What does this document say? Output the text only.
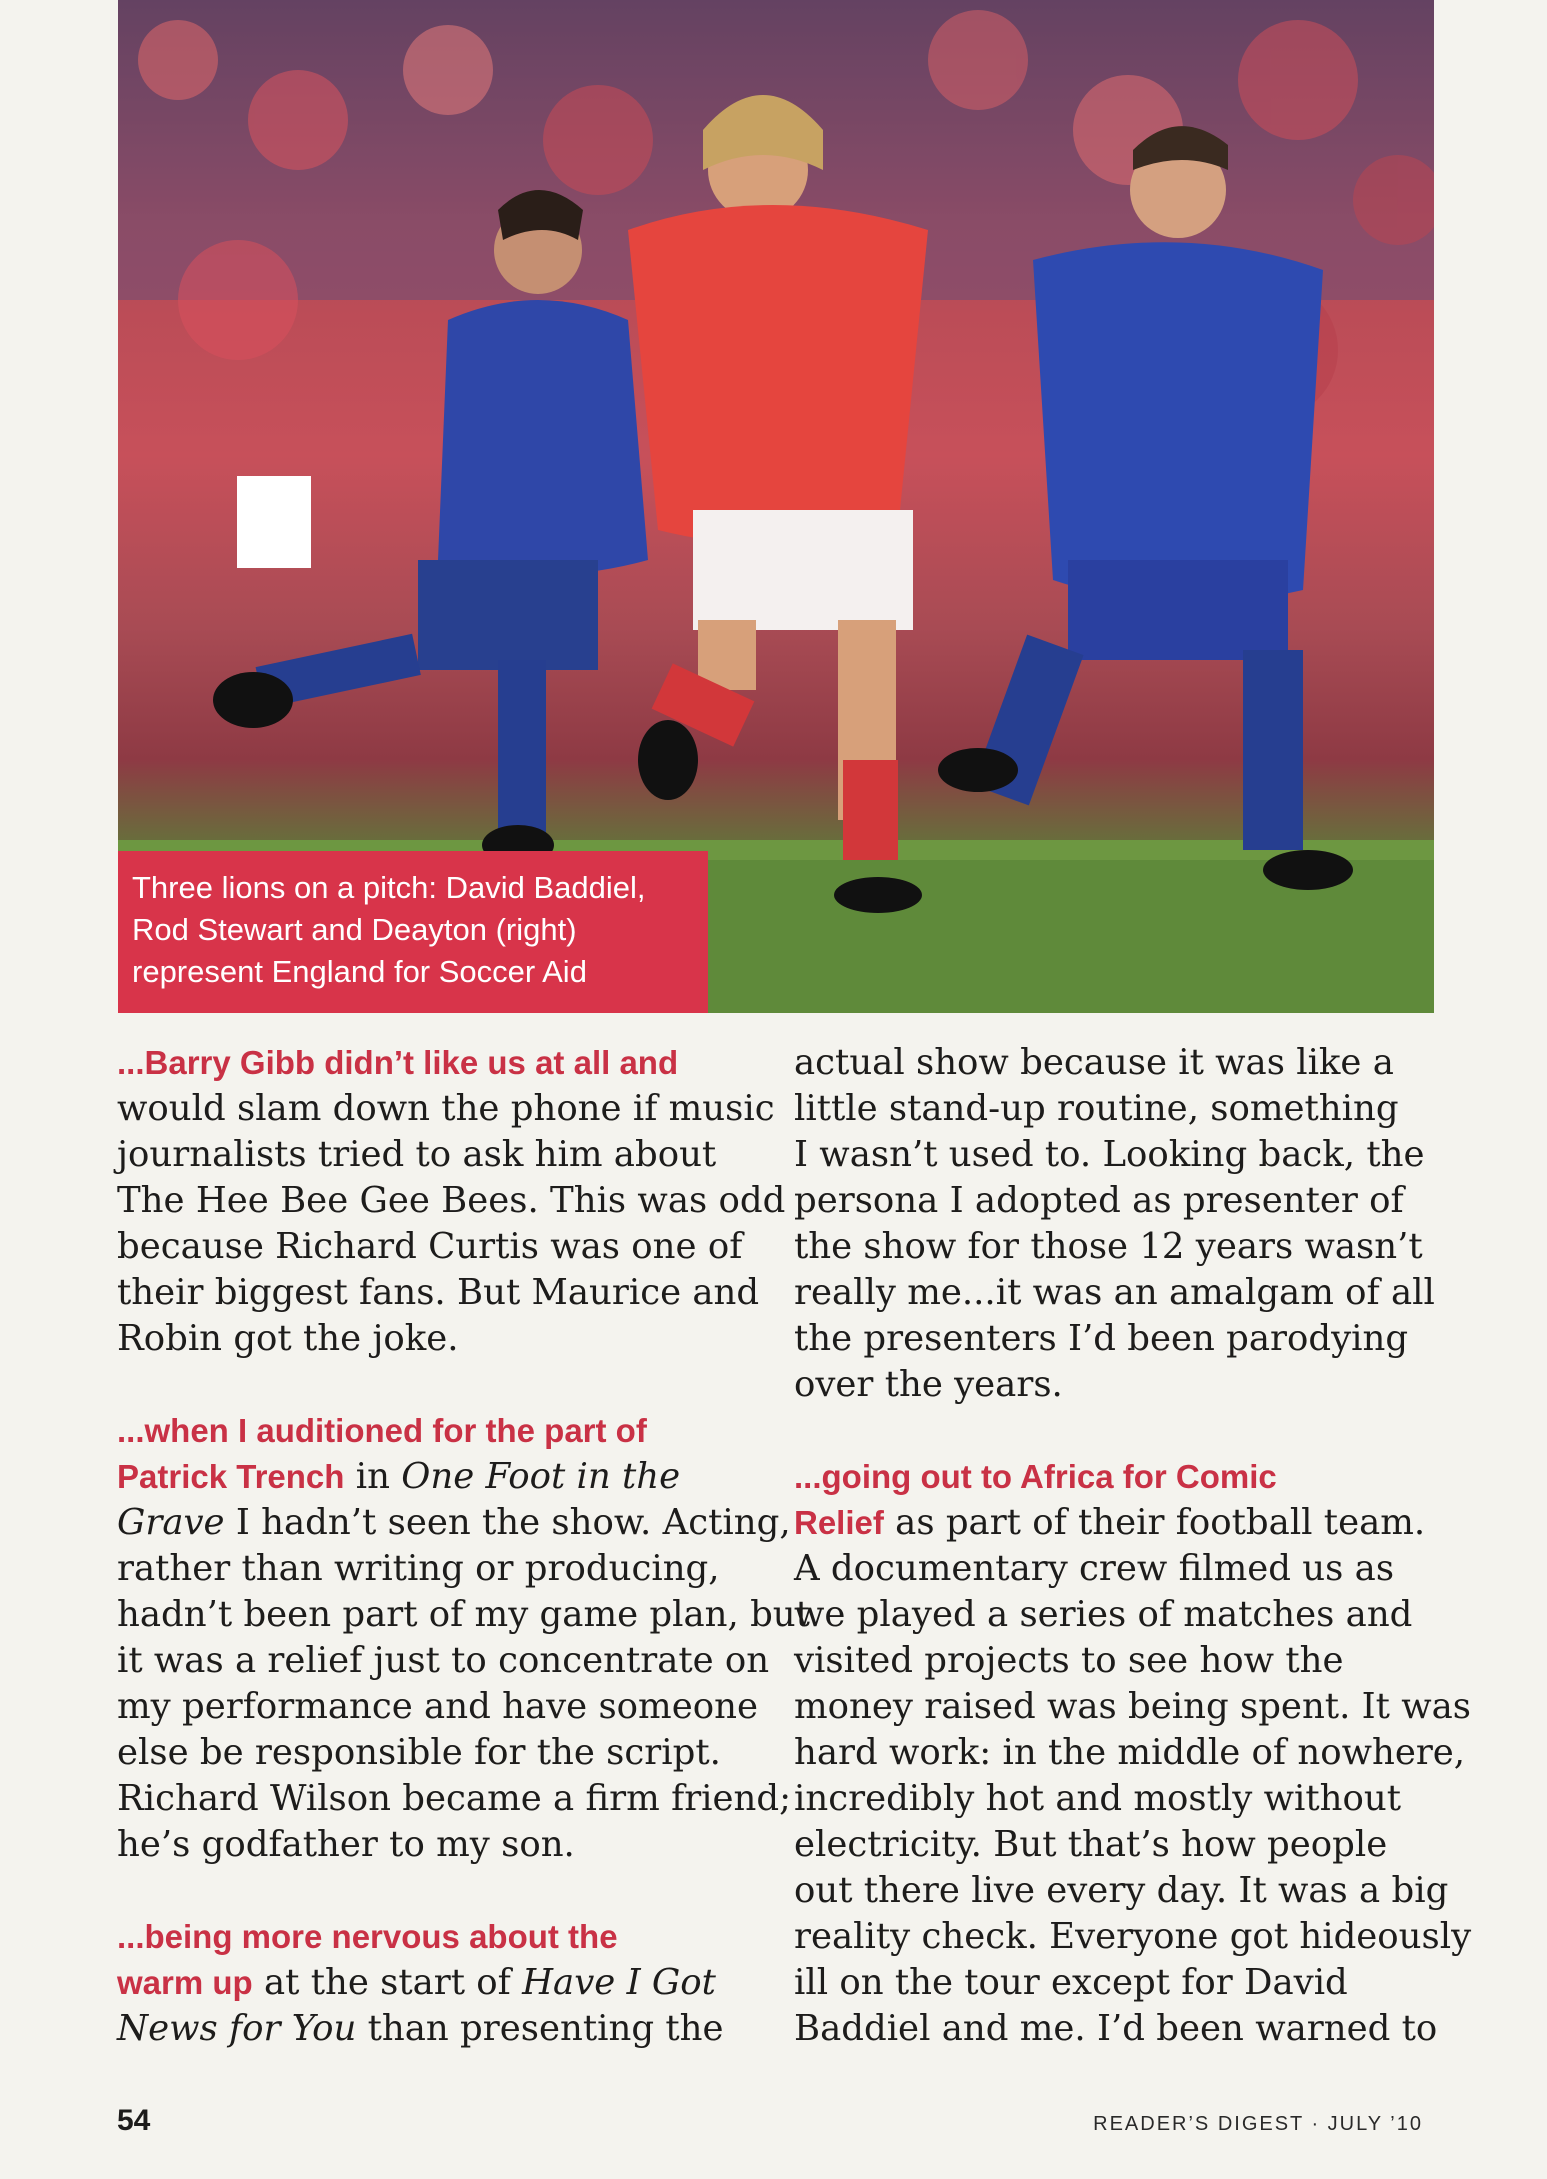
Three lions on a pitch: David Baddiel,
Rod Stewart and Deayton (right)
represent England for Soccer Aid
...Barry Gibb didn’t like us at all and
would slam down the phone if music
journalists tried to ask him about
The Hee Bee Gee Bees. This was odd
because Richard Curtis was one of
their biggest fans. But Maurice and
Robin got the joke.
...when I auditioned for the part of
Patrick Trench in One Foot in the
Grave I hadn’t seen the show. Acting,
rather than writing or producing,
hadn’t been part of my game plan, but
it was a relief just to concentrate on
my performance and have someone
else be responsible for the script.
Richard Wilson became a firm friend;
he’s godfather to my son.
...being more nervous about the
warm up at the start of Have I Got
News for You than presenting the
actual show because it was like a
little stand-up routine, something
I wasn’t used to. Looking back, the
persona I adopted as presenter of
the show for those 12 years wasn’t
really me...it was an amalgam of all
the presenters I’d been parodying
over the years.
...going out to Africa for Comic
Relief as part of their football team.
A documentary crew filmed us as
we played a series of matches and
visited projects to see how the
money raised was being spent. It was
hard work: in the middle of nowhere,
incredibly hot and mostly without
electricity. But that’s how people
out there live every day. It was a big
reality check. Everyone got hideously
ill on the tour except for David
Baddiel and me. I’d been warned to
54	READER’S DIGEST · JULY ’10
